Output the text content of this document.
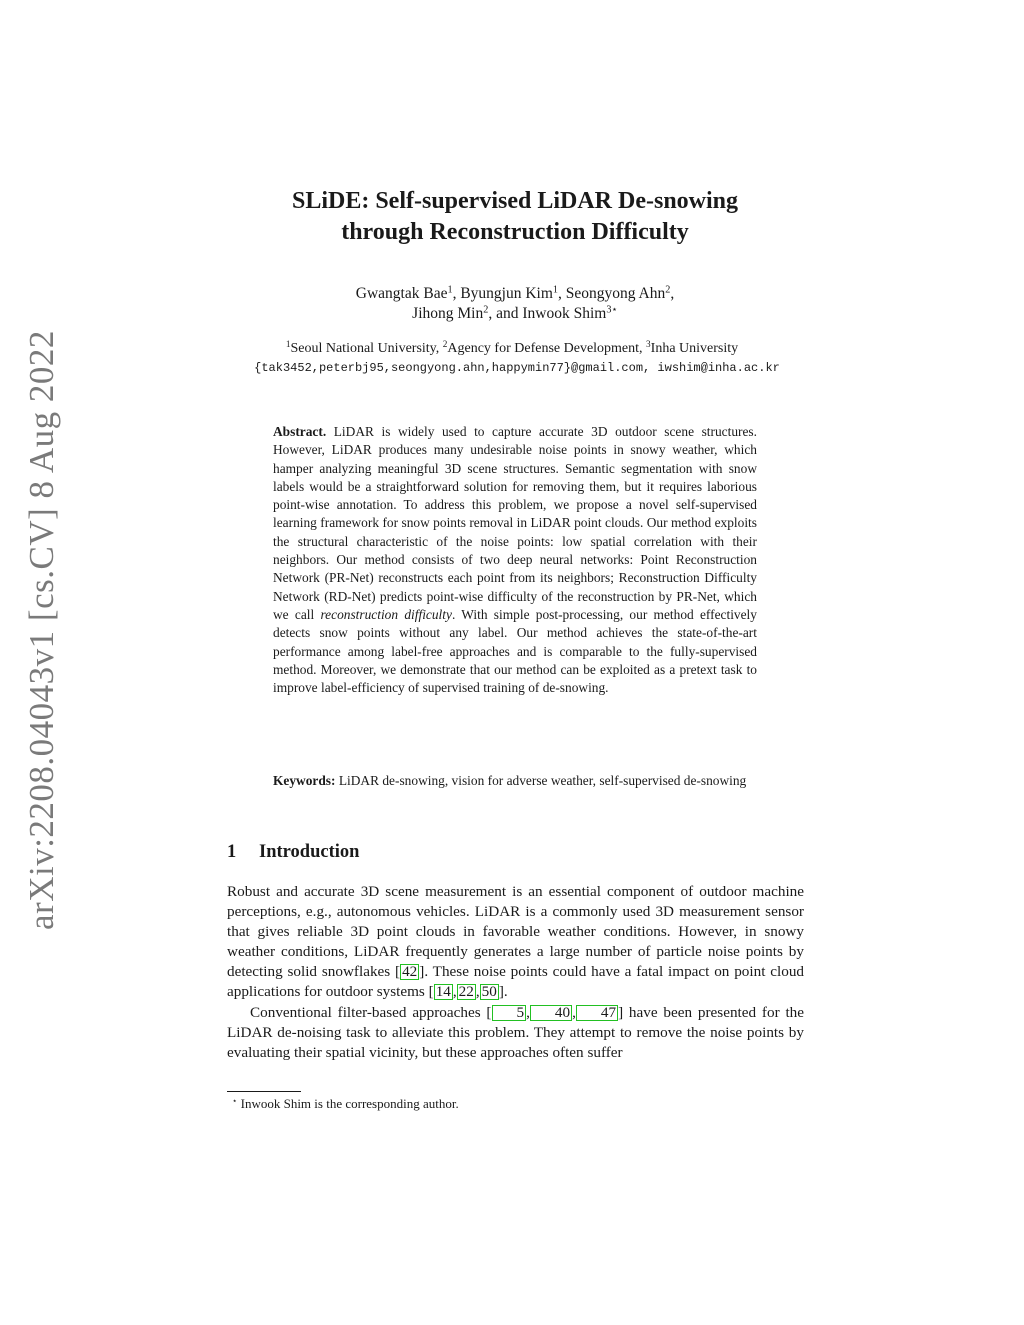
arXiv:2208.04043v1 [cs.CV] 8 Aug 2022
SLiDE: Self-supervised LiDAR De-snowing
through Reconstruction Difficulty
Gwangtak Bae$^1$, Byungjun Kim$^1$, Seongyong Ahn$^2$,
Jihong Min$^2$, and Inwook Shim$^{3⋆}$
$^1$Seoul National University, $^2$Agency for Defense Development, $^3$Inha University
{tak3452,peterbj95,seongyong.ahn,happymin77}@gmail.com, iwshim@inha.ac.kr
Abstract. LiDAR is widely used to capture accurate 3D outdoor scene structures. However, LiDAR produces many undesirable noise points in snowy weather, which hamper analyzing meaningful 3D scene structures. Semantic segmentation with snow labels would be a straightforward solution for removing them, but it requires laborious point-wise annotation. To address this problem, we propose a novel self-supervised learning framework for snow points removal in LiDAR point clouds. Our method exploits the structural characteristic of the noise points: low spatial correlation with their neighbors. Our method consists of two deep neural networks: Point Reconstruction Network (PR-Net) reconstructs each point from its neighbors; Reconstruction Difficulty Network (RD-Net) predicts point-wise difficulty of the reconstruction by PR-Net, which we call reconstruction difficulty. With simple post-processing, our method effectively detects snow points without any label. Our method achieves the state-of-the-art performance among label-free approaches and is comparable to the fully-supervised method. Moreover, we demonstrate that our method can be exploited as a pretext task to improve label-efficiency of supervised training of de-snowing.
Keywords: LiDAR de-snowing, vision for adverse weather, self-supervised de-snowing
1 Introduction

Robust and accurate 3D scene measurement is an essential component of outdoor machine perceptions, e.g., autonomous vehicles. LiDAR is a commonly used 3D measurement sensor that gives reliable 3D point clouds in favorable weather conditions. However, in snowy weather conditions, LiDAR frequently generates a large number of particle noise points by detecting solid snowflakes [ 42 ]. These noise points could have a fatal impact on point cloud applications for outdoor systems [ 14 , 22 , 50 ].

Conventional filter-based approaches [ 5 , 40 , 47 ] have been presented for the LiDAR de-noising task to alleviate this problem. They attempt to remove the noise points by evaluating their spatial vicinity, but these approaches often suffer

⋆ Inwook Shim is the corresponding author.
